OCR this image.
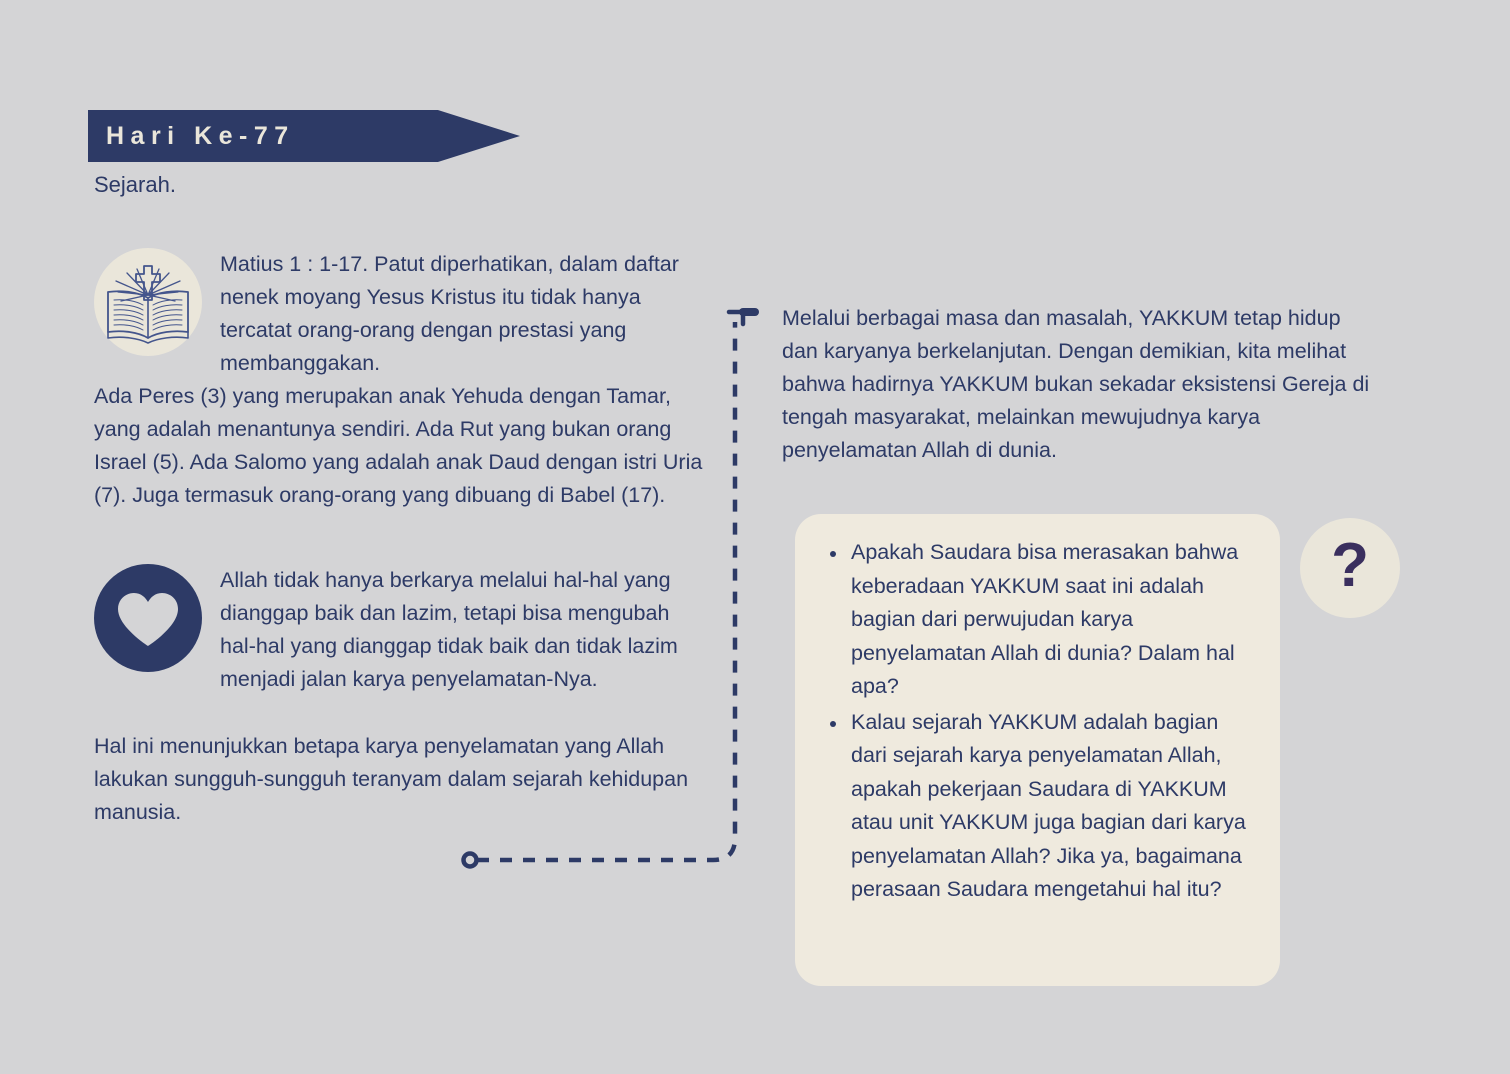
Hari Ke-77
Sejarah.
Matius 1 : 1-17. Patut diperhatikan, dalam daftar nenek moyang Yesus Kristus itu tidak hanya tercatat orang-orang dengan prestasi yang membanggakan.
Ada Peres (3) yang merupakan anak Yehuda dengan Tamar, yang adalah menantunya sendiri. Ada Rut yang bukan orang Israel (5). Ada Salomo yang adalah anak Daud dengan istri Uria (7). Juga termasuk orang-orang yang dibuang di Babel (17).
Allah tidak hanya berkarya melalui hal-hal yang dianggap baik dan lazim, tetapi bisa mengubah hal-hal yang dianggap tidak baik dan tidak lazim menjadi jalan karya penyelamatan-Nya.
Hal ini menunjukkan betapa karya penyelamatan yang Allah lakukan sungguh-sungguh teranyam dalam sejarah kehidupan manusia.
Melalui berbagai masa dan masalah, YAKKUM tetap hidup dan karyanya berkelanjutan. Dengan demikian, kita melihat bahwa hadirnya YAKKUM bukan sekadar eksistensi Gereja di tengah masyarakat, melainkan mewujudnya karya penyelamatan Allah di dunia.
Apakah Saudara bisa merasakan bahwa keberadaan YAKKUM saat ini adalah bagian dari perwujudan karya penyelamatan Allah di dunia? Dalam hal apa?
Kalau sejarah YAKKUM adalah bagian dari sejarah karya penyelamatan Allah, apakah pekerjaan Saudara di YAKKUM atau unit YAKKUM juga bagian dari karya penyelamatan Allah? Jika ya, bagaimana perasaan Saudara mengetahui hal itu?
?
